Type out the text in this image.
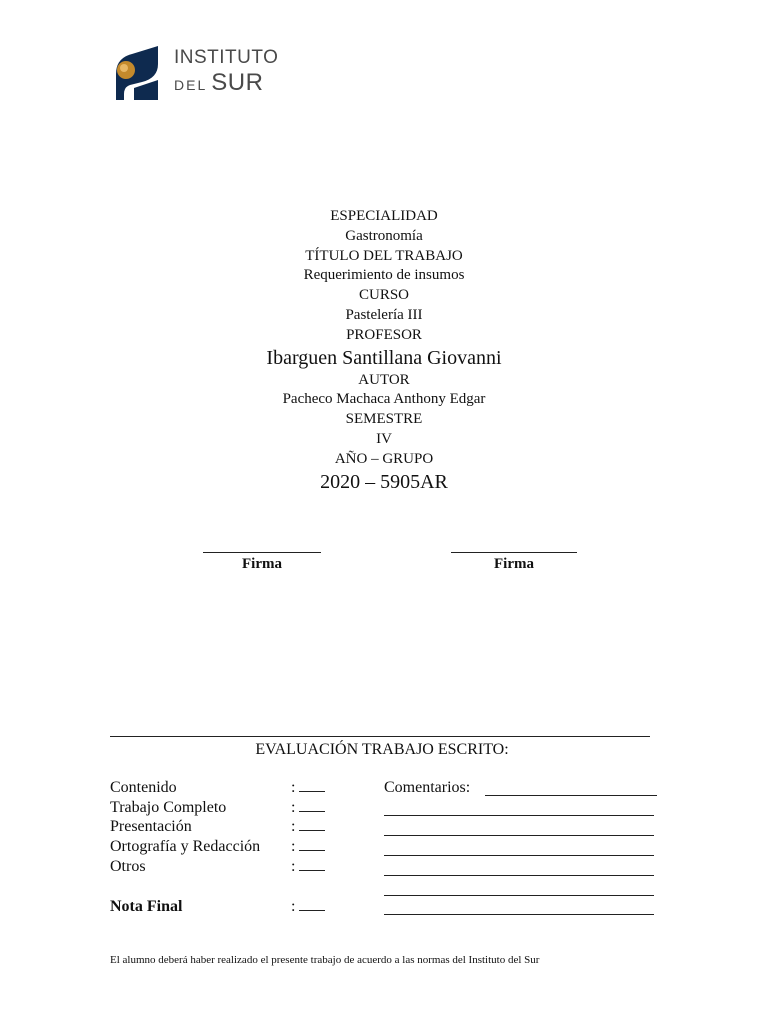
INSTITUTO
DEL SUR
ESPECIALIDAD
Gastronomía
TÍTULO DEL TRABAJO
Requerimiento de insumos
CURSO
Pastelería III
PROFESOR
Ibarguen Santillana Giovanni
AUTOR
Pacheco Machaca Anthony Edgar
SEMESTRE
IV
AÑO – GRUPO
2020 – 5905AR
Firma	Firma
EVALUACIÓN TRABAJO ESCRITO:
Contenido
Trabajo Completo
Presentación
Ortografía y Redacción
Otros
Nota Final
:
:
:
:
:
:
Comentarios:
El alumno deberá haber realizado el presente trabajo de acuerdo a las normas del Instituto del Sur
